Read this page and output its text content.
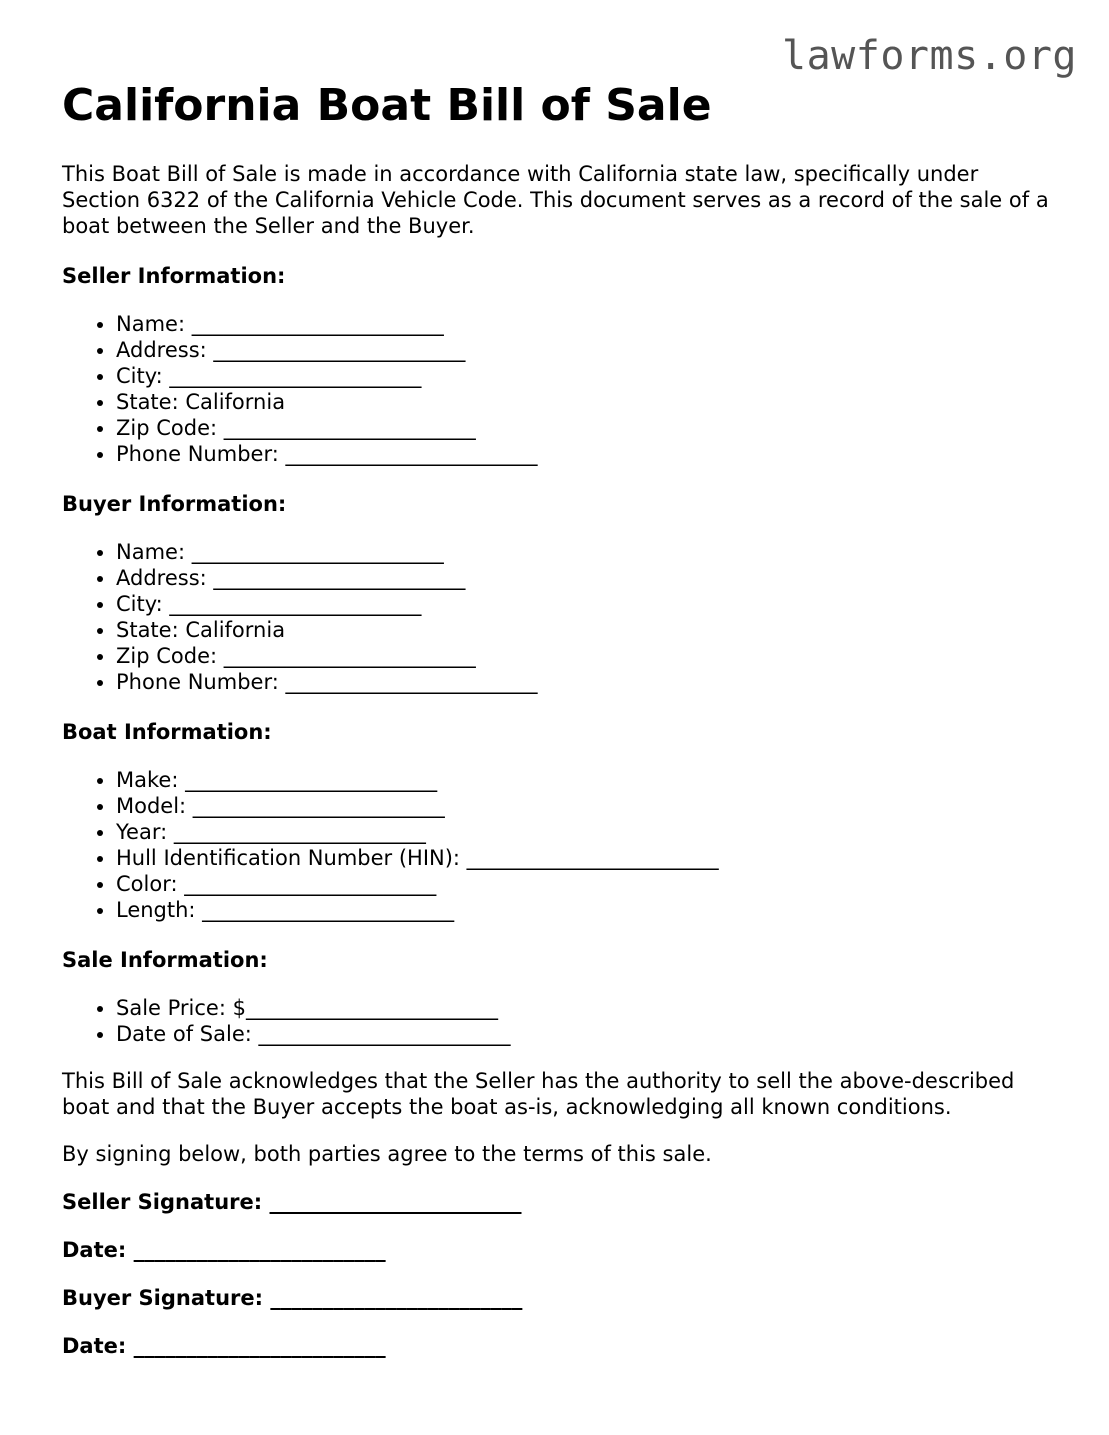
lawforms.org
California Boat Bill of Sale

This Boat Bill of Sale is made in accordance with California state law, specifically under Section 6322 of the California Vehicle Code. This document serves as a record of the sale of a boat between the Seller and the Buyer.

Seller Information:

• Name: ________________________
• Address: ________________________
• City: ________________________
• State: California
• Zip Code: ________________________
• Phone Number: ________________________

Buyer Information:

• Name: ________________________
• Address: ________________________
• City: ________________________
• State: California
• Zip Code: ________________________
• Phone Number: ________________________

Boat Information:

• Make: ________________________
• Model: ________________________
• Year: ________________________
• Hull Identification Number (HIN): ________________________
• Color: ________________________
• Length: ________________________

Sale Information:

• Sale Price: $________________________
• Date of Sale: ________________________

This Bill of Sale acknowledges that the Seller has the authority to sell the above-described boat and that the Buyer accepts the boat as-is, acknowledging all known conditions.

By signing below, both parties agree to the terms of this sale.

Seller Signature: ________________________

Date: ________________________

Buyer Signature: ________________________

Date: ________________________
